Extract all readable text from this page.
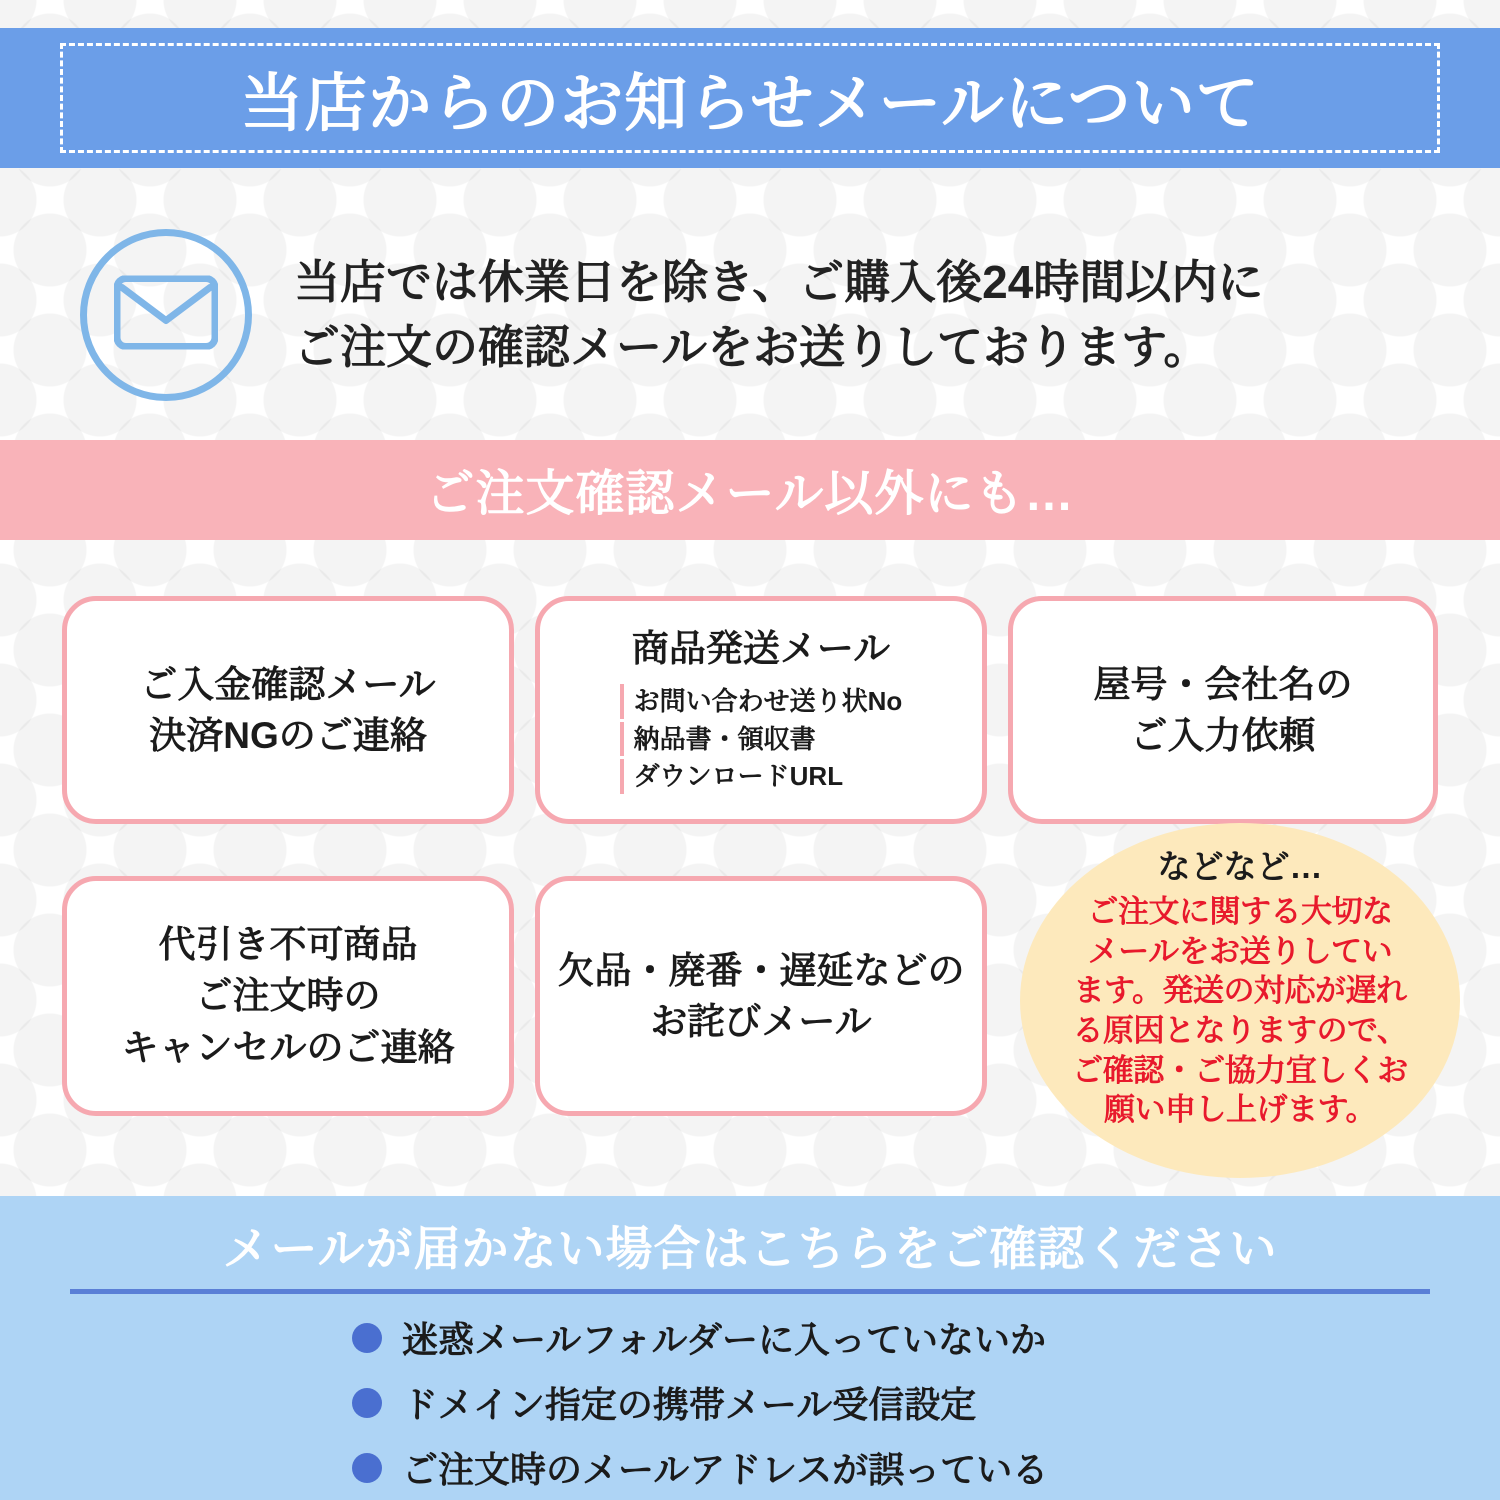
当店からのお知らせメールについて
当店では休業日を除き、ご購入後24時間以内に
ご注文の確認メールをお送りしております。
ご注文確認メール以外にも…
ご入金確認メール
決済NGのご連絡
商品発送メール
お問い合わせ送り状No
納品書・領収書
ダウンロードURL
屋号・会社名の
ご入力依頼
代引き不可商品
ご注文時の
キャンセルのご連絡
欠品・廃番・遅延などの
お詫びメール
などなど…
ご注文に関する大切な
メールをお送りしてい
ます。発送の対応が遅れ
る原因となりますので、
ご確認・ご協力宜しくお
願い申し上げます。
メールが届かない場合はこちらをご確認ください
迷惑メールフォルダーに入っていないか
ドメイン指定の携帯メール受信設定
ご注文時のメールアドレスが誤っている
